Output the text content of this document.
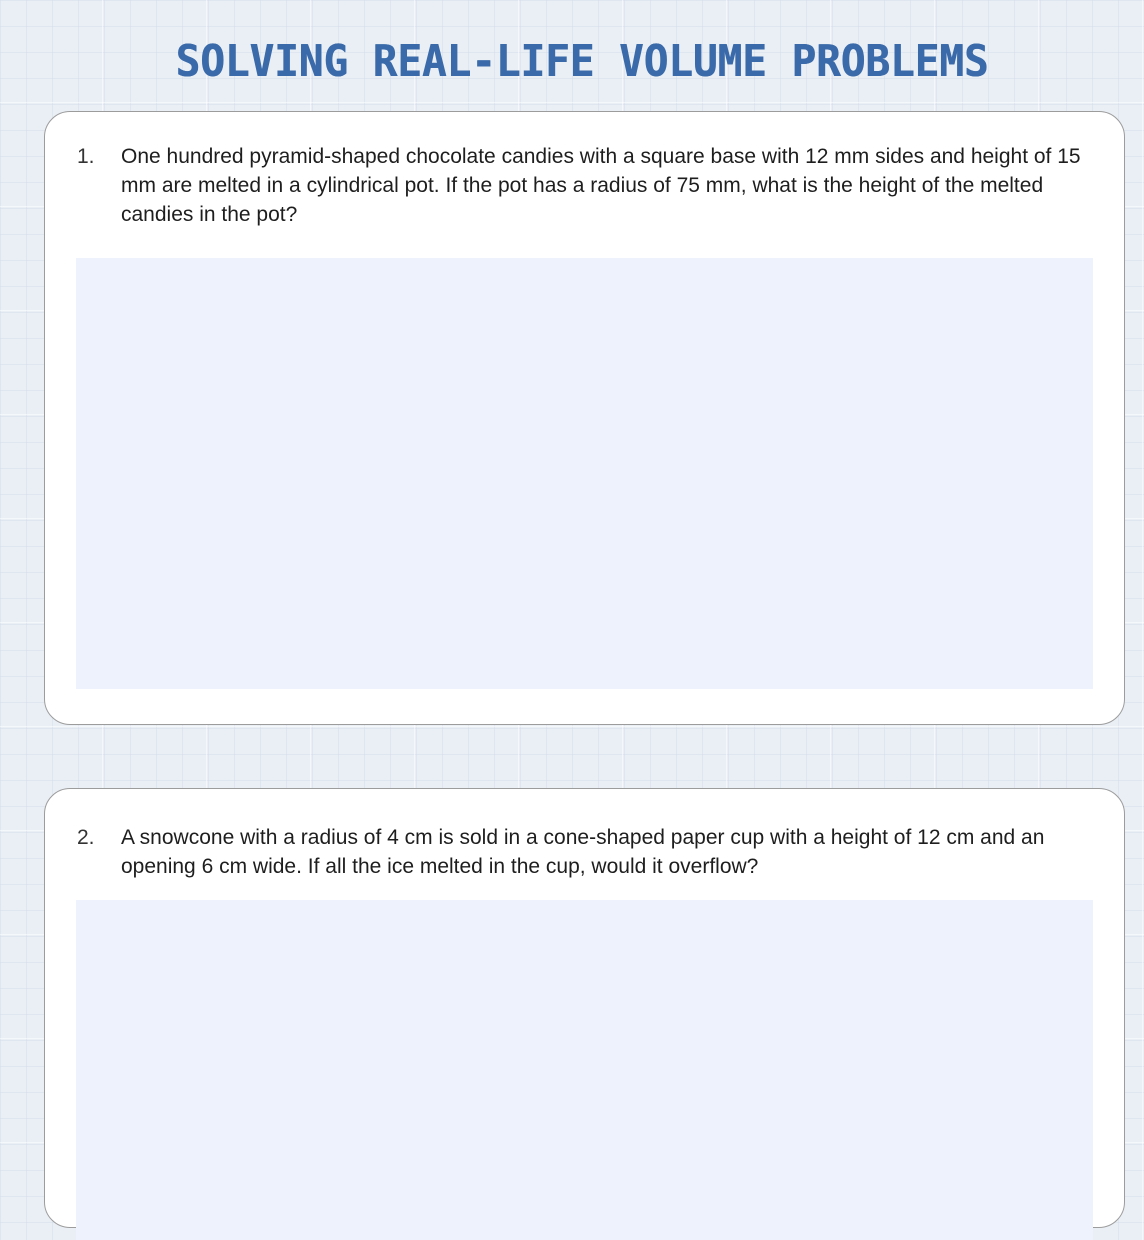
SOLVING REAL-LIFE VOLUME PROBLEMS
1.	One hundred pyramid-shaped chocolate candies with a square base with 12 mm sides and height of 15 mm are melted in a cylindrical pot. If the pot has a radius of 75 mm, what is the height of the melted candies in the pot?
2.	A snowcone with a radius of 4 cm is sold in a cone-shaped paper cup with a height of 12 cm and an opening 6 cm wide. If all the ice melted in the cup, would it overflow?
